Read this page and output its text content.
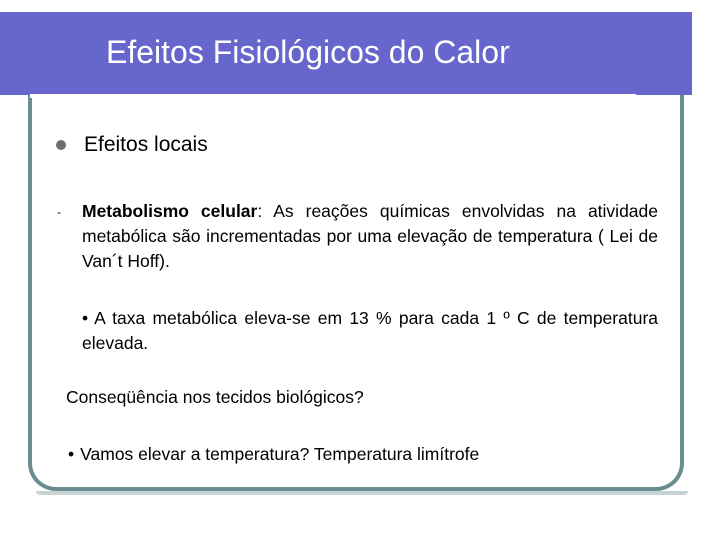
Efeitos Fisiológicos do Calor
Efeitos locais
- Metabolismo celular: As reações químicas envolvidas na atividade metabólica são incrementadas por uma elevação de temperatura ( Lei de Van´t Hoff).
• A taxa metabólica eleva-se em 13 % para cada 1 º C de temperatura elevada.
Conseqüência nos tecidos biológicos?
• Vamos elevar a temperatura? Temperatura limítrofe
